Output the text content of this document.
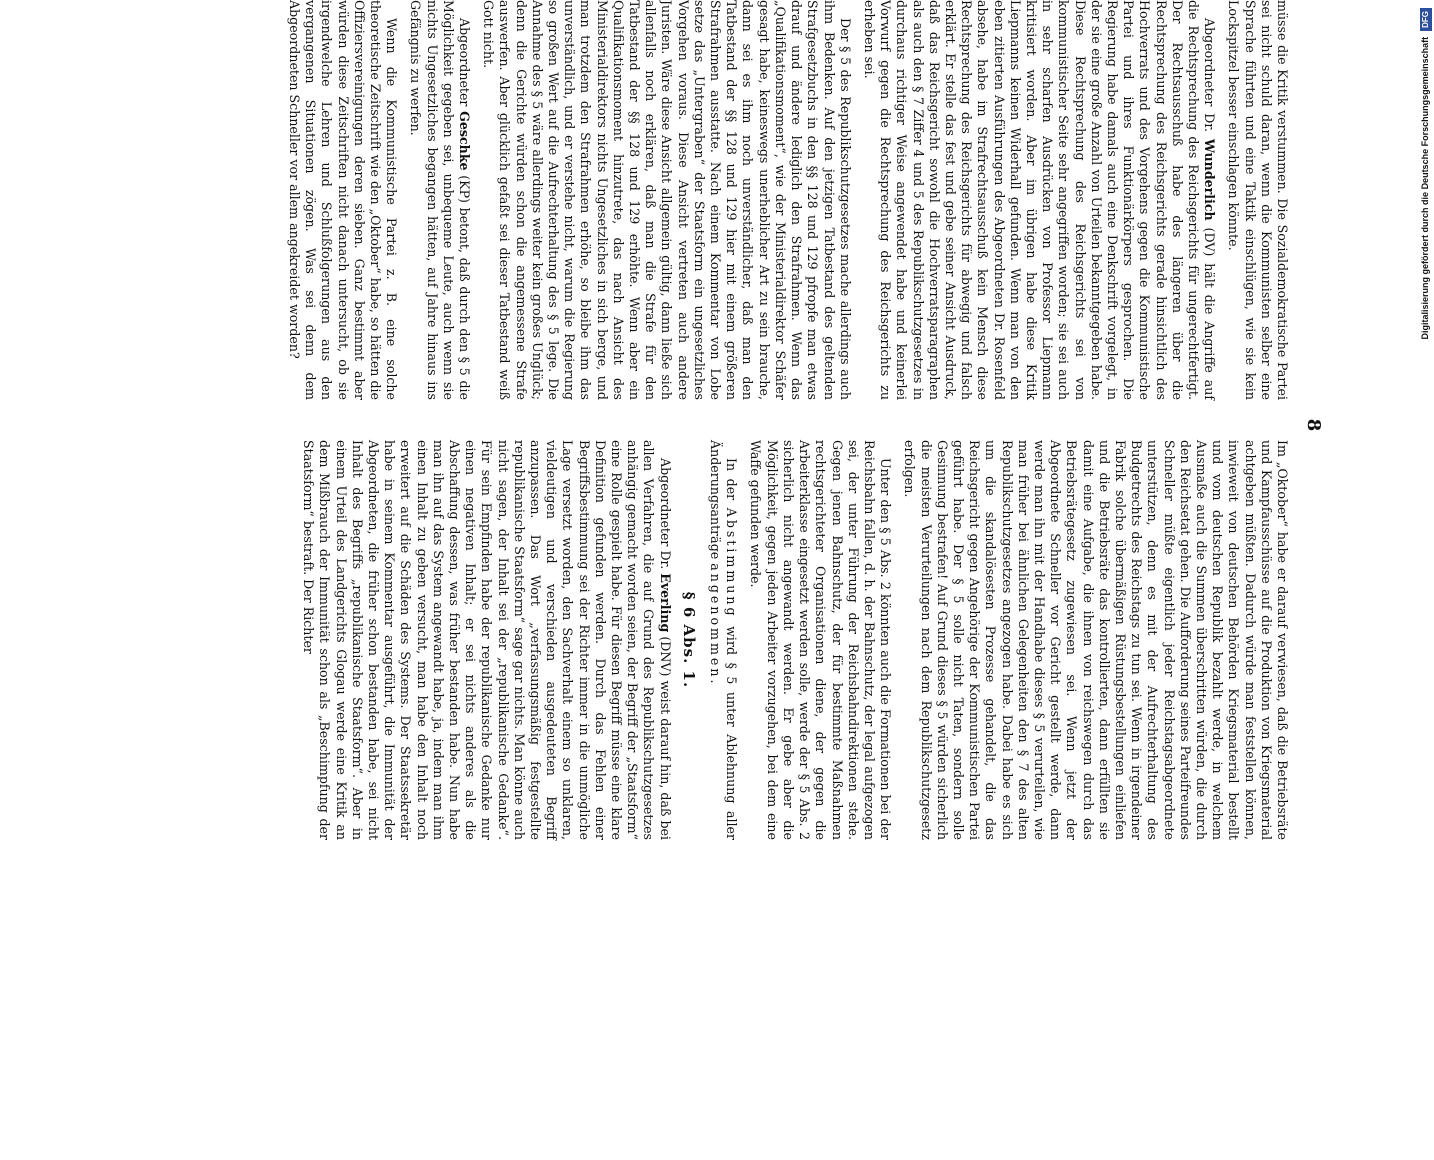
8

müsse die Kritik verstummen. Die Sozialdemokratische Partei sei nicht schuld daran, wenn die Kommunisten selber eine Sprache führten und eine Taktik einschlügen, wie sie kein Lockspitzel besser einschlagen könnte.

Abgeordneter Dr. Wunderlich (DV) hält die Angriffe auf die Rechtsprechung des Reichsgerichts für ungerechtfertigt. Der Rechtsausschuß habe des längeren über die Rechtsprechung des Reichsgerichts gerade hinsichtlich des Hochverrats und des Vorgehens gegen die Kommunistische Partei und ihres Funktionärkörpers gesprochen. Die Regierung habe damals auch eine Denkschrift vorgelegt, in der sie eine große Anzahl von Urteilen bekanntgegeben habe. Diese Rechtsprechung des Reichsgerichts sei von kommunistischer Seite sehr angegriffen worden; sie sei auch in sehr scharfen Ausdrücken von Professor Liepmann kritisiert worden. Aber im übrigen habe diese Kritik Liepmanns keinen Widerhall gefunden. Wenn man von den eben zitierten Ausführungen des Abgeordneten Dr. Rosenfeld absehe, habe im Strafrechtsausschuß kein Mensch diese Rechtsprechung des Reichsgerichts für abwegig und falsch erklärt. Er stelle das fest und gebe seiner Ansicht Ausdruck, daß das Reichsgericht sowohl die Hochverratsparagraphen als auch den § 7 Ziffer 4 und 5 des Republikschutzgesetzes in durchaus richtiger Weise angewendet habe und keinerlei Vorwurf gegen die Rechtsprechung des Reichsgerichts zu erheben sei.

Der § 5 des Republikschutzgesetzes mache allerdings auch ihm Bedenken. Auf den jetzigen Tatbestand des geltenden Strafgesetzbuchs in den §§ 128 und 129 pfropfe man etwas drauf und ändere lediglich den Strafrahmen. Wenn das „Qualifikationsmoment“, wie der Ministerialdirektor Schäfer gesagt habe, keineswegs unerheblicher Art zu sein brauche, dann sei es ihm noch unverständlicher, daß man den Tatbestand der §§ 128 und 129 hier mit einem größeren Strafrahmen ausstatte. Nach einem Kommentar von Lobe setze das „Untergraben“ der Staatsform ein ungesetzliches Vorgehen voraus. Diese Ansicht vertreten auch andere Juristen. Wäre diese Ansicht allgemein gültig, dann ließe sich allenfalls noch erklären, daß man die Strafe für den Tatbestand der §§ 128 und 129 erhöhte. Wenn aber ein Qualifikationsmoment hinzutrete, das nach Ansicht des Ministerialdirektors nichts Ungesetzliches in sich berge, und man trotzdem den Strafrahmen erhöhe, so bleibe ihm das unverständlich, und er verstehe nicht, warum die Regierung so großen Wert auf die Aufrechterhaltung des § 5 lege. Die Annahme des § 5 wäre allerdings weiter kein großes Unglück; denn die Gerichte würden schon die angemessene Strafe auswerfen. Aber glücklich gefaßt sei dieser Tatbestand weiß Gott nicht.

Abgeordneter Geschke (KP) betont, daß durch den § 5 die Möglichkeit gegeben sei, unbequeme Leute, auch wenn sie nichts Ungesetzliches begangen hätten, auf Jahre hinaus ins Gefängnis zu werfen.

Wenn die Kommunistische Partei z. B. eine solche theoretische Zeitschrift wie den „Oktober“ habe, so hätten die Offiziersvereinigungen deren sieben. Ganz bestimmt aber würden diese Zeitschriften nicht danach untersucht, ob sie irgendwelche Lehren und Schlußfolgerungen aus den vergangenen Situationen zögen. Was sei denn dem Abgeordneten Schneller vor allem angekreidet worden?

Im „Oktober“ habe er darauf verwiesen, daß die Betriebsräte und Kampfausschüsse auf die Produktion von Kriegsmaterial achtgeben müßten. Dadurch würde man feststellen können, inwieweit von deutschen Behörden Kriegsmaterial bestellt und vom deutschen Republik bezahlt werde, in welchem Ausmaße auch die Summen überschritten würden, die durch den Reichsetat gehen. Die Aufforderung seines Parteifreundes Schneller müßte eigentlich jeder Reichstagsabgeordnete unterstützen, denn es mit der Aufrechterhaltung des Budgetrechts des Reichstags zu tun sei. Wenn in irgendeiner Fabrik solche übermäßigen Rüstungsbestellungen einliefen und die Betriebsräte das kontrollierten, dann erfüllten sie damit eine Aufgabe, die ihnen von reichswegen durch das Betriebsrätegesetz zugewiesen sei. Wenn jetzt der Abgeordnete Schneller vor Gericht gestellt werde, dann werde man ihn mit der Handhabe dieses § 5 verurteilen, wie man früher bei ähnlichen Gelegenheiten den § 7 des alten Republikschutzgesetzes angezogen habe. Dabei habe es sich um die skandalösesten Prozesse gehandelt, die das Reichsgericht gegen Angehörige der Kommunistischen Partei geführt habe. Der § 5 solle nicht Taten, sondern solle Gesinnung bestrafen! Auf Grund dieses § 5 würden sicherlich die meisten Verurteilungen nach dem Republikschutzgesetz erfolgen.

Unter den § 5 Abs. 2 könnten auch die Formationen bei der Reichsbahn fallen, d. h. der Bahnschutz, der legal aufgezogen sei, der unter Führung der Reichsbahndirektionen stehe. Gegen jenen Bahnschutz, der für bestimmte Maßnahmen rechtsgerichteter Organisationen diene, der gegen die Arbeiterklasse eingesetzt werden solle, werde der § 5 Abs. 2 sicherlich nicht angewandt werden. Er gebe aber die Möglichkeit, gegen jeden Arbeiter vorzugehen, bei dem eine Waffe gefunden werde.

In der Abstimmung wird § 5 unter Ablehnung aller Änderungsanträge angenommen.

§ 6 Abs. 1.

Abgeordneter Dr. Everling (DNV) weist darauf hin, daß bei allen Verfahren, die auf Grund des Republikschutzgesetzes anhängig gemacht worden seien, der Begriff der „Staatsform“ eine Rolle gespielt habe. Für diesen Begriff müsse eine klare Definition gefunden werden. Durch das Fehlen einer Begriffsbestimmung sei der Richter immer in die unmögliche Lage versetzt worden, den Sachverhalt einem so unklaren, vieldeutigen und verschieden ausgedeuteten Begriff anzupassen. Das Wort „verfassungsmäßig festgestellte republikanische Staatsform“ sage gar nichts. Man könne auch nicht sagen, der Inhalt sei der „republikanische Gedanke“. Für sein Empfinden habe der republikanische Gedanke nur einen negativen Inhalt; er sei nichts anderes als die Abschaffung dessen, was früher bestanden habe. Nun habe man ihn auf das System angewandt habe, ja, indem man ihm einen Inhalt zu geben versucht, man habe den Inhalt noch erweitert auf die Schäden des Systems. Der Staatssekretär habe in seinem Kommentar ausgeführt, die Immunität der Abgeordneten, die früher schon bestanden habe, sei nicht Inhalt des Begriffs „republikanische Staatsform“. Aber in einem Urteil des Landgerichts Glogau werde eine Kritik an dem Mißbrauch der Immunität schon als „Beschimpfung der Staatsform“ bestraft. Der Richter

Digitalisierung gefördert durch die Deutsche ForschungsgemeinschaftDFG
